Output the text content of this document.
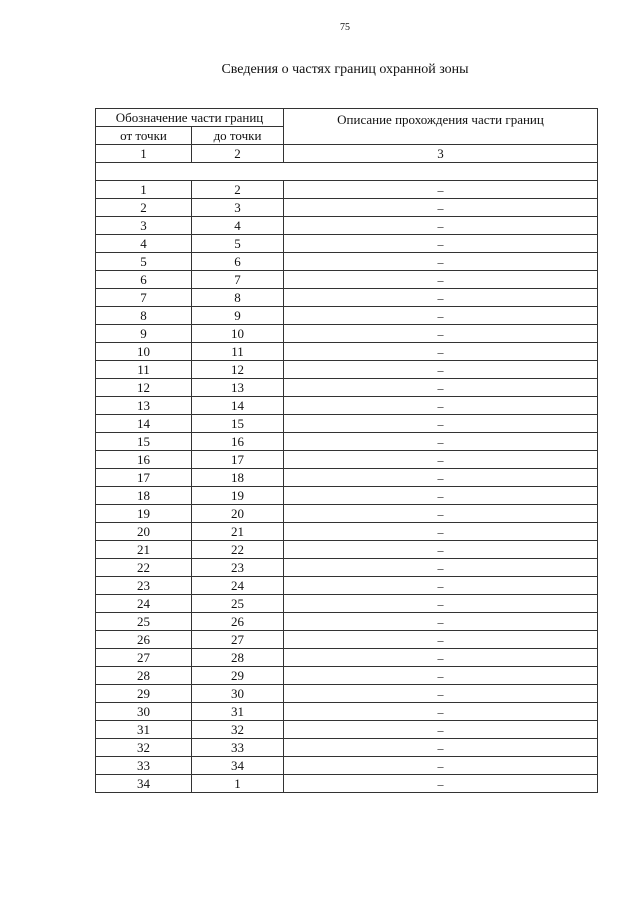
75
Сведения о частях границ охранной зоны
Обозначение части границ		Описание прохождения части границ
от точки	до точки	
1	2	3

1	2	–
2	3	–
3	4	–
4	5	–
5	6	–
6	7	–
7	8	–
8	9	–
9	10	–
10	11	–
11	12	–
12	13	–
13	14	–
14	15	–
15	16	–
16	17	–
17	18	–
18	19	–
19	20	–
20	21	–
21	22	–
22	23	–
23	24	–
24	25	–
25	26	–
26	27	–
27	28	–
28	29	–
29	30	–
30	31	–
31	32	–
32	33	–
33	34	–
34	1	–
